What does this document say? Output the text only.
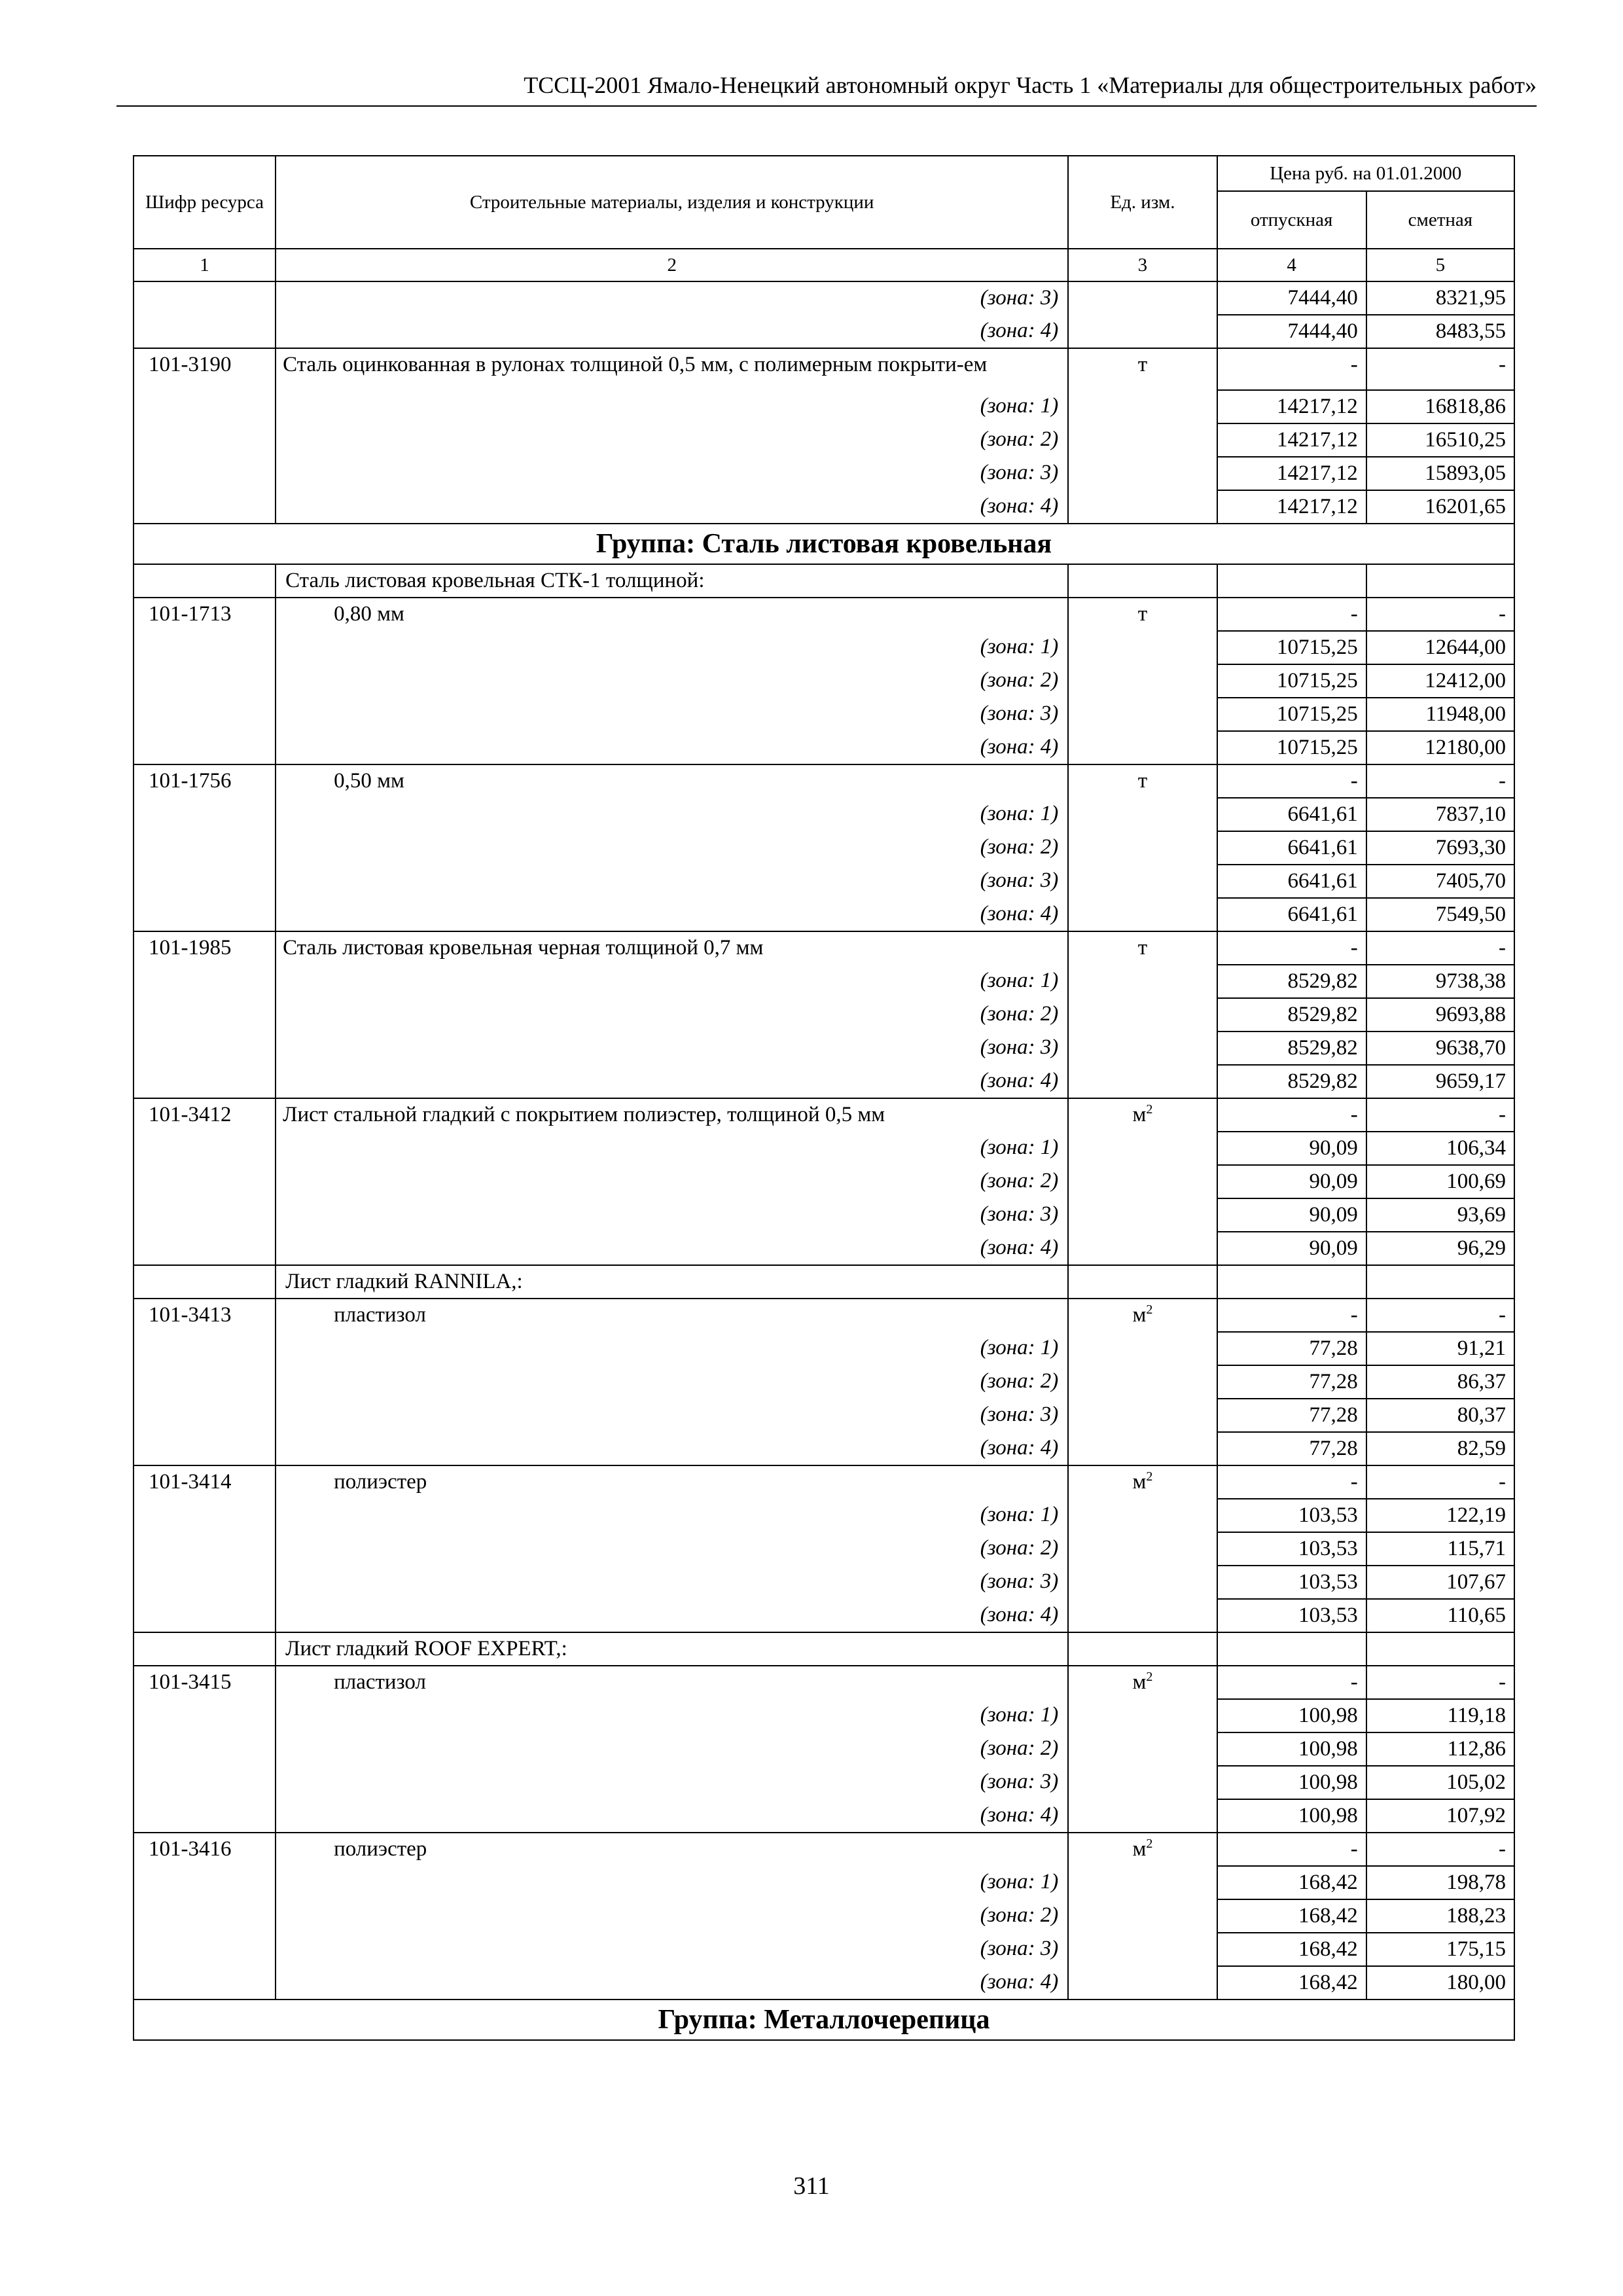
ТССЦ-2001 Ямало-Ненецкий автономный округ Часть 1 «Материалы для общестроительных работ»
Шифр ресурса	Строительные материалы, изделия и конструкции	Ед. изм.	Цена руб. на 01.01.2000	
			отпускная	сметная
1	2	3	4	5
	(зона: 3)		7444,40	8321,95
	(зона: 4)		7444,40	8483,55
101-3190	Сталь оцинкованная в рулонах толщиной 0,5 мм, с полимерным покрыти-ем	т	-	-
	(зона: 1)		14217,12	16818,86
	(зона: 2)		14217,12	16510,25
	(зона: 3)		14217,12	15893,05
	(зона: 4)		14217,12	16201,65
Группа: Сталь листовая кровельная				
	Сталь листовая кровельная СТК-1 толщиной:			
101-1713	0,80 мм	т	-	-
	(зона: 1)		10715,25	12644,00
	(зона: 2)		10715,25	12412,00
	(зона: 3)		10715,25	11948,00
	(зона: 4)		10715,25	12180,00
101-1756	0,50 мм	т	-	-
	(зона: 1)		6641,61	7837,10
	(зона: 2)		6641,61	7693,30
	(зона: 3)		6641,61	7405,70
	(зона: 4)		6641,61	7549,50
101-1985	Сталь листовая кровельная черная толщиной 0,7 мм	т	-	-
	(зона: 1)		8529,82	9738,38
	(зона: 2)		8529,82	9693,88
	(зона: 3)		8529,82	9638,70
	(зона: 4)		8529,82	9659,17
101-3412	Лист стальной гладкий с покрытием полиэстер, толщиной 0,5 мм	$м^2$	-	-
	(зона: 1)		90,09	106,34
	(зона: 2)		90,09	100,69
	(зона: 3)		90,09	93,69
	(зона: 4)		90,09	96,29
	Лист гладкий RANNILA,:			
101-3413	пластизол	$м^2$	-	-
	(зона: 1)		77,28	91,21
	(зона: 2)		77,28	86,37
	(зона: 3)		77,28	80,37
	(зона: 4)		77,28	82,59
101-3414	полиэстер	$м^2$	-	-
	(зона: 1)		103,53	122,19
	(зона: 2)		103,53	115,71
	(зона: 3)		103,53	107,67
	(зона: 4)		103,53	110,65
	Лист гладкий ROOF EXPERT,:			
101-3415	пластизол	$м^2$	-	-
	(зона: 1)		100,98	119,18
	(зона: 2)		100,98	112,86
	(зона: 3)		100,98	105,02
	(зона: 4)		100,98	107,92
101-3416	полиэстер	$м^2$	-	-
	(зона: 1)		168,42	198,78
	(зона: 2)		168,42	188,23
	(зона: 3)		168,42	175,15
	(зона: 4)		168,42	180,00
Группа: Металлочерепица				
311
